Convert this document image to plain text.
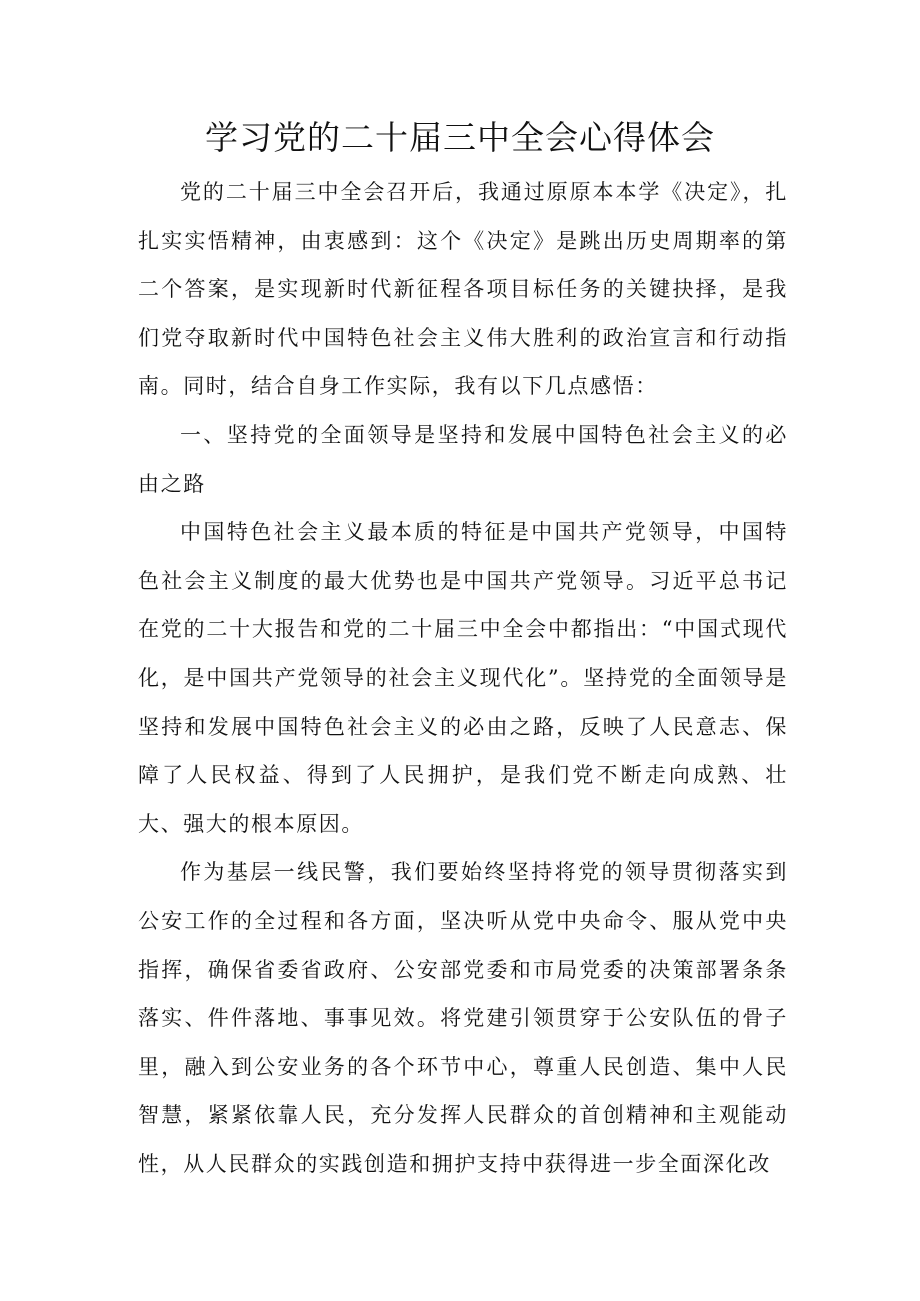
学习党的二十届三中全会心得体会

党的二十届三中全会召开后，我通过原原本本学《决定》，扎扎实实悟精神，由衷感到：这个《决定》是跳出历史周期率的第二个答案，是实现新时代新征程各项目标任务的关键抉择，是我们党夺取新时代中国特色社会主义伟大胜利的政治宣言和行动指南。同时，结合自身工作实际，我有以下几点感悟：

一、坚持党的全面领导是坚持和发展中国特色社会主义的必由之路

中国特色社会主义最本质的特征是中国共产党领导，中国特色社会主义制度的最大优势也是中国共产党领导。习近平总书记在党的二十大报告和党的二十届三中全会中都指出：“中国式现代化，是中国共产党领导的社会主义现代化”。坚持党的全面领导是坚持和发展中国特色社会主义的必由之路，反映了人民意志、保障了人民权益、得到了人民拥护，是我们党不断走向成熟、壮大、强大的根本原因。

作为基层一线民警，我们要始终坚持将党的领导贯彻落实到公安工作的全过程和各方面，坚决听从党中央命令、服从党中央指挥，确保省委省政府、公安部党委和市局党委的决策部署条条落实、件件落地、事事见效。将党建引领贯穿于公安队伍的骨子里，融入到公安业务的各个环节中心，尊重人民创造、集中人民智慧，紧紧依靠人民，充分发挥人民群众的首创精神和主观能动性，从人民群众的实践创造和拥护支持中获得进一步全面深化改
